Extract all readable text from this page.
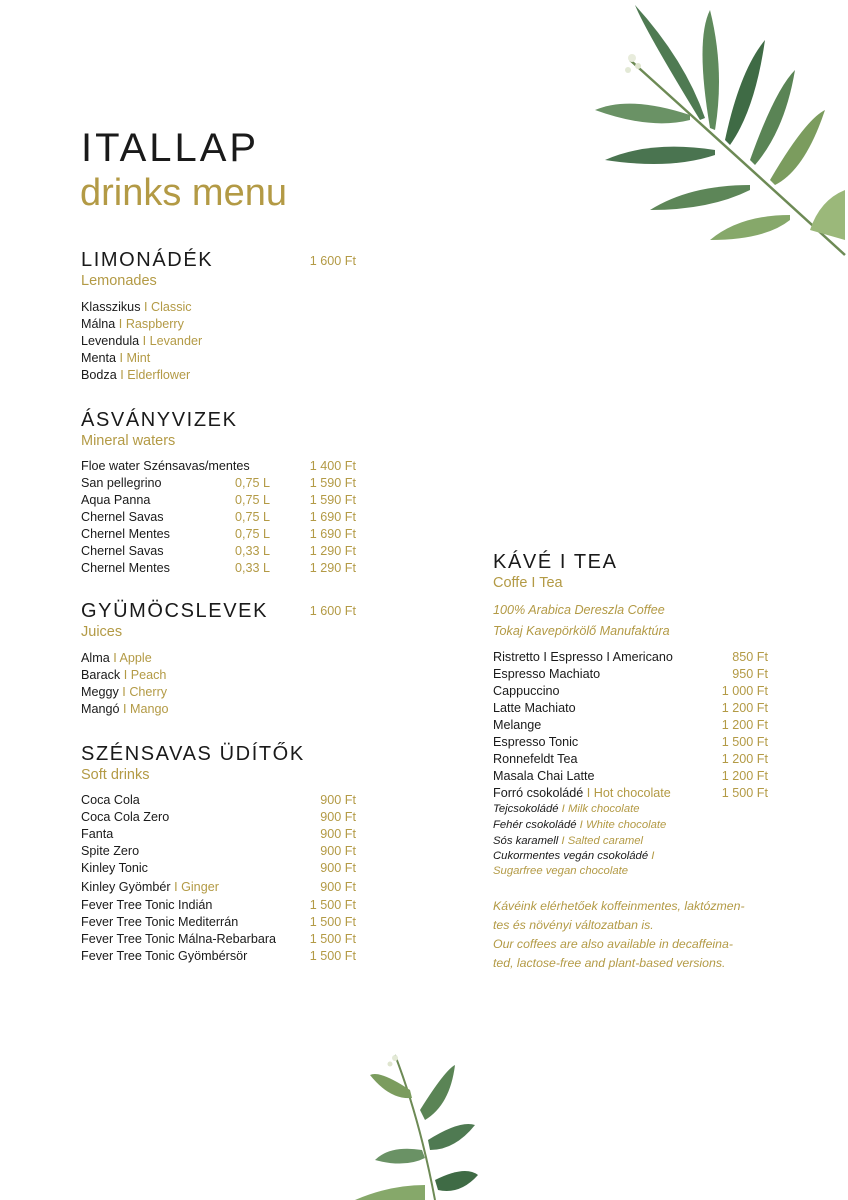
ITALLAP
drinks menu
LIMONÁDÉK	1 600 Ft
Lemonades
Klasszikus I Classic
Málna I Raspberry
Levendula I Levander
Menta I Mint
Bodza I Elderflower
ÁSVÁNYVIZEK
Mineral waters
Floe water Szénsavas/mentes	1 400 Ft
San pellegrino	0,75 L	1 590 Ft
Aqua Panna	0,75 L	1 590 Ft
Chernel Savas	0,75 L	1 690 Ft
Chernel Mentes	0,75 L	1 690 Ft
Chernel Savas	0,33 L	1 290 Ft
Chernel Mentes	0,33 L	1 290 Ft
GYÜMÖCSLEVEK	1 600 Ft
Juices
Alma I Apple
Barack I Peach
Meggy I Cherry
Mangó I Mango
SZÉNSAVAS ÜDÍTŐK
Soft drinks
Coca Cola	900 Ft
Coca Cola Zero	900 Ft
Fanta	900 Ft
Spite Zero	900 Ft
Kinley Tonic	900 Ft
Kinley Gyömbér I Ginger	900 Ft
Fever Tree Tonic Indián	1 500 Ft
Fever Tree Tonic Mediterrán	1 500 Ft
Fever Tree Tonic Málna-Rebarbara	1 500 Ft
Fever Tree Tonic Gyömbérsör	1 500 Ft
KÁVÉ I TEA
Coffe I Tea
100% Arabica Dereszla Coffee
Tokaj Kavepörkölő Manufaktúra
Ristretto I Espresso I Americano	850 Ft
Espresso Machiato	950 Ft
Cappuccino	1 000 Ft
Latte Machiato	1 200 Ft
Melange	1 200 Ft
Espresso Tonic	1 500 Ft
Ronnefeldt Tea	1 200 Ft
Masala Chai Latte	1 200 Ft
Forró csokoládé I Hot chocolate	1 500 Ft
Tejcsokoládé I Milk chocolate
Fehér csokoládé I White chocolate
Sós karamell I Salted caramel
Cukormentes vegán csokoládé I
Sugarfree vegan chocolate
Kávéink elérhetőek koffeinmentes, laktózmen-
tes és növényi változatban is.
Our coffees are also available in decaffeina-
ted, lactose-free and plant-based versions.
